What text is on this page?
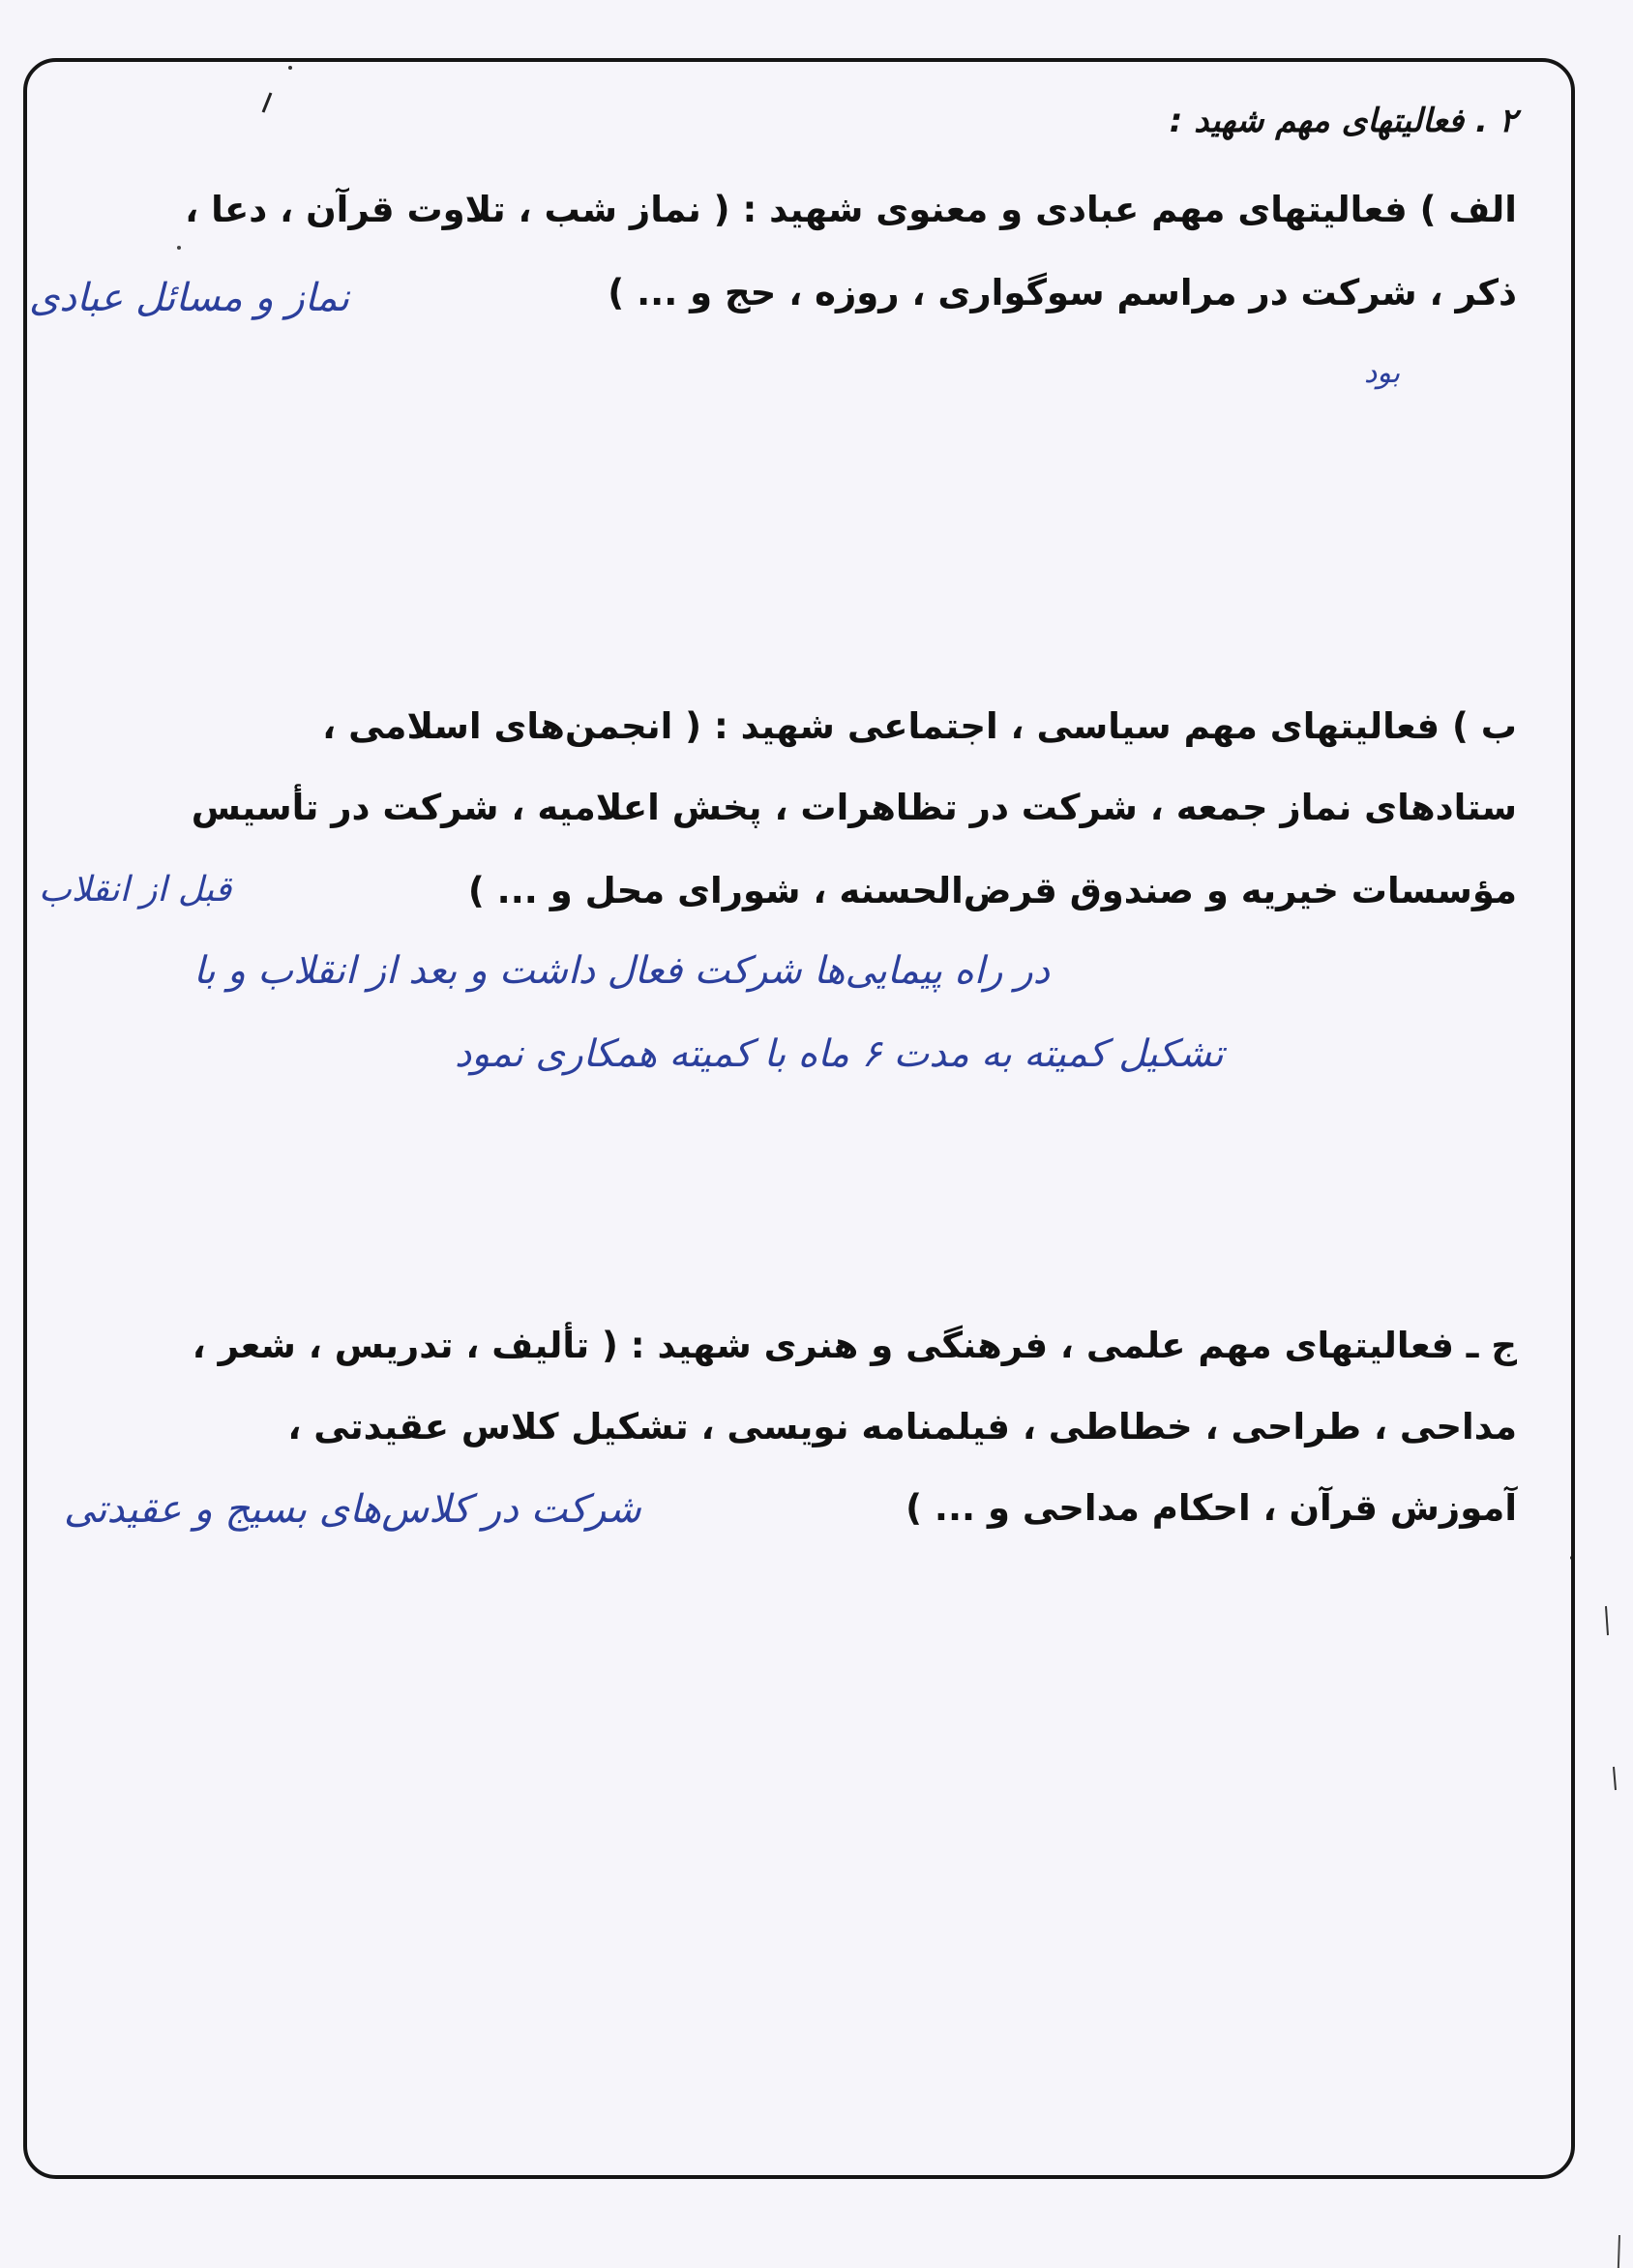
۲ . فعالیتهای مهم شهید :
الف ) فعالیتهای مهم عبادی و معنوی شهید : ( نماز شب ، تلاوت قرآن ، دعا ،
ذکر ، شرکت در مراسم سوگواری ، روزه ، حج و ... )
نماز و مسائل عبادی
بود
ب ) فعالیتهای مهم سیاسی ، اجتماعی شهید : ( انجمن‌های اسلامی ،
ستادهای نماز جمعه ، شرکت در تظاهرات ، پخش اعلامیه ، شرکت در تأسیس
مؤسسات خیریه و صندوق قرض‌الحسنه ، شورای محل و ... )
قبل از انقلاب
در راه پیمایی‌ها شرکت فعال داشت و بعد از انقلاب و با
تشکیل کمیته به مدت ۶ ماه با کمیته همکاری نمود
ج ـ فعالیتهای مهم علمی ، فرهنگی و هنری شهید : ( تألیف ، تدریس ، شعر ،
مداحی ، طراحی ، خطاطی ، فیلمنامه نویسی ، تشکیل کلاس عقیدتی ،
آموزش قرآن ، احکام مداحی و ... )
شرکت در کلاس‌های بسیج و عقیدتی
